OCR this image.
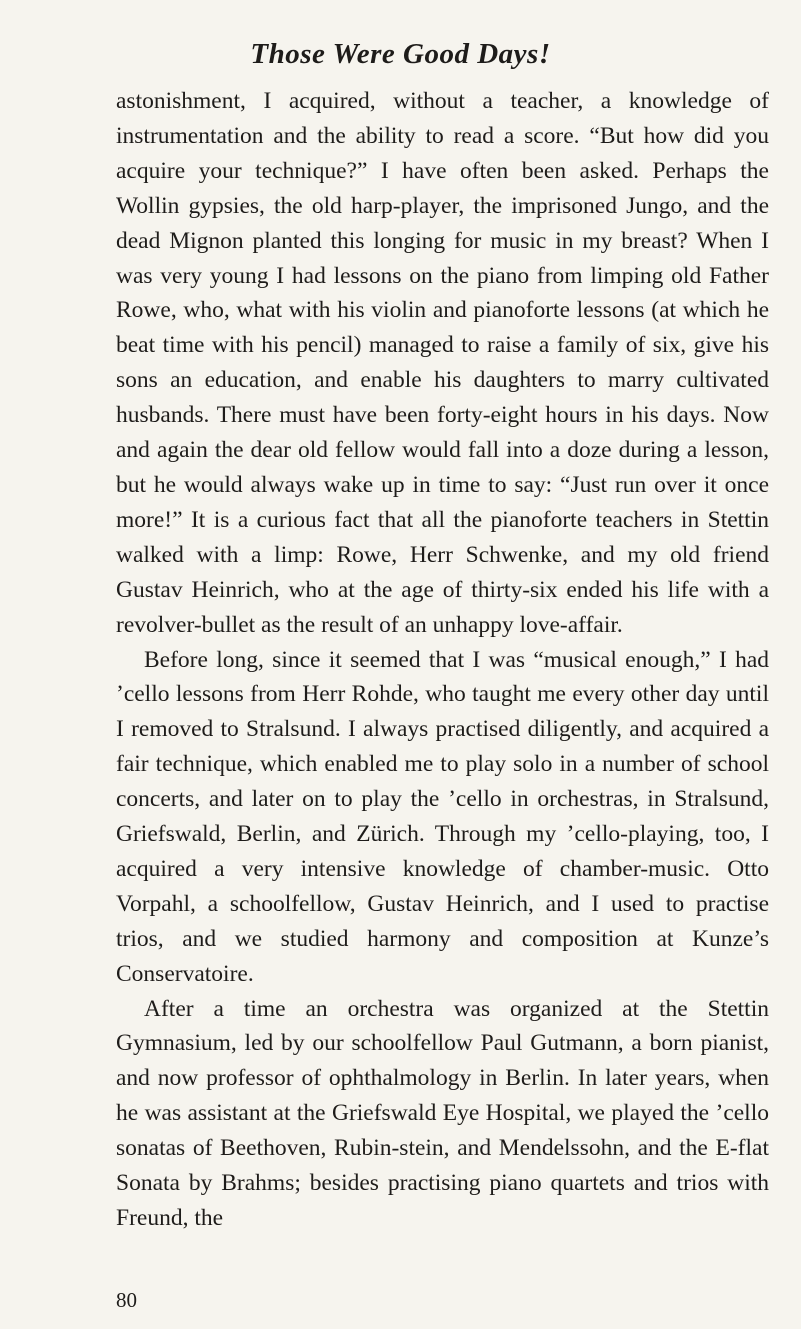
Those Were Good Days!

astonishment, I acquired, without a teacher, a knowledge of instrumentation and the ability to read a score. “But how did you acquire your technique?” I have often been asked. Perhaps the Wollin gypsies, the old harp-player, the imprisoned Jungo, and the dead Mignon planted this longing for music in my breast? When I was very young I had lessons on the piano from limping old Father Rowe, who, what with his violin and pianoforte lessons (at which he beat time with his pencil) managed to raise a family of six, give his sons an education, and enable his daughters to marry cultivated husbands. There must have been forty-eight hours in his days. Now and again the dear old fellow would fall into a doze during a lesson, but he would always wake up in time to say: “Just run over it once more!” It is a curious fact that all the pianoforte teachers in Stettin walked with a limp: Rowe, Herr Schwenke, and my old friend Gustav Heinrich, who at the age of thirty-six ended his life with a revolver-bullet as the result of an unhappy love-affair.

Before long, since it seemed that I was “musical enough,” I had ’cello lessons from Herr Rohde, who taught me every other day until I removed to Stralsund. I always practised diligently, and acquired a fair technique, which enabled me to play solo in a number of school concerts, and later on to play the ’cello in orchestras, in Stralsund, Griefswald, Berlin, and Zürich. Through my ’cello-playing, too, I acquired a very intensive knowledge of chamber-music. Otto Vorpahl, a schoolfellow, Gustav Heinrich, and I used to practise trios, and we studied harmony and composition at Kunze’s Conservatoire.

After a time an orchestra was organized at the Stettin Gymnasium, led by our schoolfellow Paul Gutmann, a born pianist, and now professor of ophthalmology in Berlin. In later years, when he was assistant at the Griefswald Eye Hospital, we played the ’cello sonatas of Beethoven, Rubin-stein, and Mendelssohn, and the E-flat Sonata by Brahms; besides practising piano quartets and trios with Freund, the

80
